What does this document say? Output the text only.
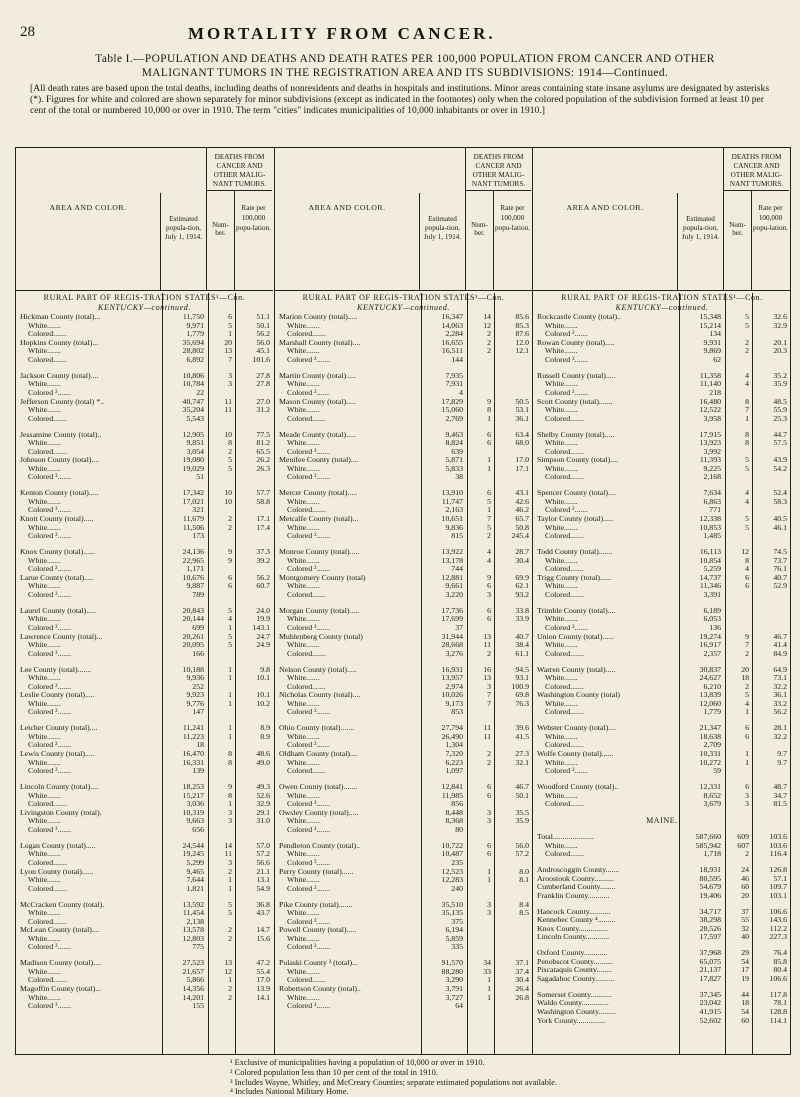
28	MORTALITY FROM CANCER.
Table I.—POPULATION AND DEATHS AND DEATH RATES PER 100,000 POPULATION FROM CANCER AND OTHER
MALIGNANT TUMORS IN THE REGISTRATION AREA AND ITS SUBDIVISIONS: 1914—Continued.
[All death rates are based upon the total deaths, including deaths of nonresidents and deaths in hospitals and institutions. Minor areas containing state insane asylums are designated by asterisks (*). Figures for white and colored are shown separately for minor subdivisions (except as indicated in the footnotes) only when the colored population of the subdivision formed at least 10 per cent of the total or numbered 10,000 or over in 1910. The term "cities" indicates municipalities of 10,000 inhabitants or over in 1910.]
AREA AND COLOR.
Estimated popula-tion, July 1, 1914.
DEATHS FROM CANCER AND OTHER MALIG-NANT TUMORS.
Num-ber.
Rate per 100,000 popu-lation.
RURAL PART OF REGIS-TRATION STATES¹—Con.
KENTUCKY—continued.
Hickman County (total)...	11,750	6	51.1
White.......	9,971	5	50.1
Colored.......	1,779	1	56.2
Hopkins County (total)...	35,694	20	56.0
White.......	28,802	13	45.1
Colored.......	6,892	7	101.6
Jackson County (total)....	10,806	3	27.8
White.......	10,784	3	27.8
Colored ².......	22
Jefferson County (total) *..	40,747	11	27.0
White.......	35,204	11	31.2
Colored.......	5,543
Jessamine County (total)..	12,905	10	77.5
White.......	9,851	8	81.2
Colored.......	3,054	2	65.5
Johnson County (total)....	19,080	5	26.2
White.......	19,029	5	26.3
Colored ².......	51
Kenton County (total).....	17,342	10	57.7
White.......	17,021	10	58.8
Colored ².......	321
Knott County (total).....	11,679	2	17.1
White.......	11,506	2	17.4
Colored ².......	173
Knox County (total)......	24,136	9	37.3
White.......	22,965	9	39.2
Colored ².......	1,171
Larue County (total).....	10,676	6	56.2
White.......	9,887	6	60.7
Colored ².......	789
Laurel County (total).....	20,843	5	24.0
White.......	20,144	4	19.9
Colored ².......	699	1	143.1
Lawrence County (total)...	20,261	5	24.7
White.......	20,095	5	24.9
Colored ².......	166
Lee County (total).......	10,188	1	9.8
White.......	9,936	1	10.1
Colored ².......	252
Leslie County (total).....	9,923	1	10.1
White.......	9,776	1	10.2
Colored ².......	147
Letcher County (total)....	11,241	1	8.9
White.......	11,223	1	8.9
Colored ².......	18
Lewis County (total).....	16,470	8	48.6
White.......	16,331	8	49.0
Colored ².......	139
Lincoln County (total)....	18,253	9	49.3
White.......	15,217	8	52.6
Colored.......	3,036	1	32.9
Livingston County (total).	10,319	3	29.1
White.......	9,663	3	31.0
Colored ².......	656
Logan County (total).....	24,544	14	57.0
White.......	19,245	11	57.2
Colored.......	5,299	3	56.6
Lyon County (total)......	9,465	2	21.1
White.......	7,644	1	13.1
Colored.......	1,821	1	54.9
McCracken County (total).	13,592	5	36.8
White.......	11,454	5	43.7
Colored.......	2,138
McLean County (total)....	13,578	2	14.7
White.......	12,803	2	15.6
Colored ².......	775
Madison County (total)....	27,523	13	47.2
White.......	21,657	12	55.4
Colored.......	5,866	1	17.0
Magoffin County (total)...	14,356	2	13.9
White.......	14,201	2	14.1
Colored ².......	155
AREA AND COLOR.
Estimated popula-tion, July 1, 1914.
DEATHS FROM CANCER AND OTHER MALIG-NANT TUMORS.
Num-ber.
Rate per 100,000 popu-lation.
RURAL PART OF REGIS-TRATION STATES¹—Con.
KENTUCKY—continued.
Marion County (total).....	16,347	14	85.6
White.......	14,063	12	85.3
Colored.......	2,284	2	87.6
Marshall County (total)....	16,655	2	12.0
White.......	16,511	2	12.1
Colored ².......	144
Martin County (total).....	7,935
White.......	7,931
Colored ².......	4
Mason County (total).....	17,829	9	50.5
White.......	15,060	8	53.1
Colored.......	2,769	1	36.1
Meade County (total).....	9,463	6	63.4
White.......	8,824	6	68.0
Colored ².......	639
Menifee County (total)....	5,871	1	17.0
White.......	5,833	1	17.1
Colored ².......	38
Mercer County (total).....	13,910	6	43.1
White.......	11,747	5	42.6
Colored.......	2,163	1	46.2
Metcalfe County (total)...	10,651	7	65.7
White.......	9,836	5	50.8
Colored ².......	815	2	245.4
Monroe County (total).....	13,922	4	28.7
White.......	13,178	4	30.4
Colored ².......	744
Montgomery County (total)	12,881	9	69.9
White.......	9,661	6	62.1
Colored.......	3,220	3	93.2
Morgan County (total).....	17,736	6	33.8
White.......	17,699	6	33.9
Colored ².......	37
Muhlenberg County (total)	31,944	13	40.7
White.......	28,668	11	38.4
Colored.......	3,276	2	61.1
Nelson County (total).....	16,931	16	94.5
White.......	13,957	13	93.1
Colored.......	2,974	3	100.9
Nicholas County (total)....	10,026	7	69.8
White.......	9,173	7	76.3
Colored ².......	853
Ohio County (total).......	27,794	11	39.6
White.......	26,490	11	41.5
Colored ².......	1,304
Oldham County (total)....	7,320	2	27.3
White.......	6,223	2	32.1
Colored.......	1,097
Owen County (total).......	12,841	6	46.7
White.......	11,985	6	50.1
Colored ².......	856
Owsley County (total).....	8,448	3	35.5
White.......	8,368	3	35.9
Colored ².......	80
Pendleton County (total)..	10,722	6	56.0
White.......	10,487	6	57.2
Colored ².......	235
Perry County (total)......	12,523	1	8.0
White.......	12,283	1	8.1
Colored ².......	240
Pike County (total).......	35,510	3	8.4
White.......	35,135	3	8.5
Colored ².......	375
Powell County (total).....	6,194
White.......	5,859
Colored ².......	335
Pulaski County ³ (total)...	91,570	34	37.1
White.......	88,280	33	37.4
Colored.......	3,290	1	30.4
Robertson County (total)..	3,791	1	26.4
White.......	3,727	1	26.8
Colored ².......	64
AREA AND COLOR.
Estimated popula-tion, July 1, 1914.
DEATHS FROM CANCER AND OTHER MALIG-NANT TUMORS.
Num-ber.
Rate per 100,000 popu-lation.
RURAL PART OF REGIS-TRATION STATES¹—Con.
KENTUCKY—continued.
Rockcastle County (total)..	15,348	5	32.6
White.......	15,214	5	32.9
Colored ².......	134
Rowan County (total).....	9,931	2	20.1
White.......	9,869	2	20.3
Colored ².......	62
Russell County (total).....	11,358	4	35.2
White.......	11,140	4	35.9
Colored ².......	218
Scott County (total).......	16,480	8	48.5
White.......	12,522	7	55.9
Colored.......	3,958	1	25.3
Shelby County (total).....	17,915	8	44.7
White.......	13,923	8	57.5
Colored.......	3,992
Simpson County (total)....	11,393	5	43.9
White.......	9,225	5	54.2
Colored.......	2,168
Spencer County (total)....	7,634	4	52.4
White.......	6,863	4	58.3
Colored ².......	771
Taylor County (total).....	12,338	5	40.5
White.......	10,853	5	46.1
Colored.......	1,485
Todd County (total).......	16,113	12	74.5
White.......	10,854	8	73.7
Colored.......	5,259	4	76.1
Trigg County (total)......	14,737	6	40.7
White.......	11,346	6	52.9
Colored.......	3,391
Trimble County (total)....	6,189
White.......	6,053
Colored ².......	136
Union County (total)......	19,274	9	46.7
White.......	16,917	7	41.4
Colored.......	2,357	2	84.9
Warren County (total).....	30,837	20	64.9
White.......	24,627	18	73.1
Colored.......	6,210	2	32.2
Washington County (total)	13,839	5	36.1
White.......	12,060	4	33.2
Colored.......	1,779	1	56.2
Webster County (total)....	21,347	6	28.1
White.......	18,638	6	32.2
Colored.......	2,709
Wolfe County (total)......	10,331	1	9.7
White.......	10,272	1	9.7
Colored ².......	59
Woodford County (total)..	12,331	6	48.7
White.......	8,652	3	34.7
Colored.......	3,679	3	81.5
MAINE.
Total.....................	587,660	609	103.6
White.......	585,942	607	103.6
Colored.......	1,718	2	116.4
Androscoggin County.......	18,931	24	126.8
Aroostook County..........	80,595	46	57.1
Cumberland County........	54,679	60	109.7
Franklin County...........	19,406	20	103.1
Hancock County...........	34,717	37	106.6
Kennebec County ⁴.........	38,298	55	143.6
Knox County...............	28,526	32	112.2
Lincoln County............	17,597	40	227.3
Oxford County............	37,968	29	76.4
Penobscot County..........	65,075	54	85.8
Piscataquis County........	21,137	17	80.4
Sagadahoc County..........	17,827	19	106.6
Somerset County...........	37,345	44	117.8
Waldo County..............	23,042	18	78.1
Washington County.........	41,915	54	128.8
York County...............	52,602	60	114.1
¹ Exclusive of municipalities having a population of 10,000 or over in 1910.
² Colored population less than 10 per cent of the total in 1910.
³ Includes Wayne, Whitley, and McCreary Counties; separate estimated populations not available.
⁴ Includes National Military Home.
